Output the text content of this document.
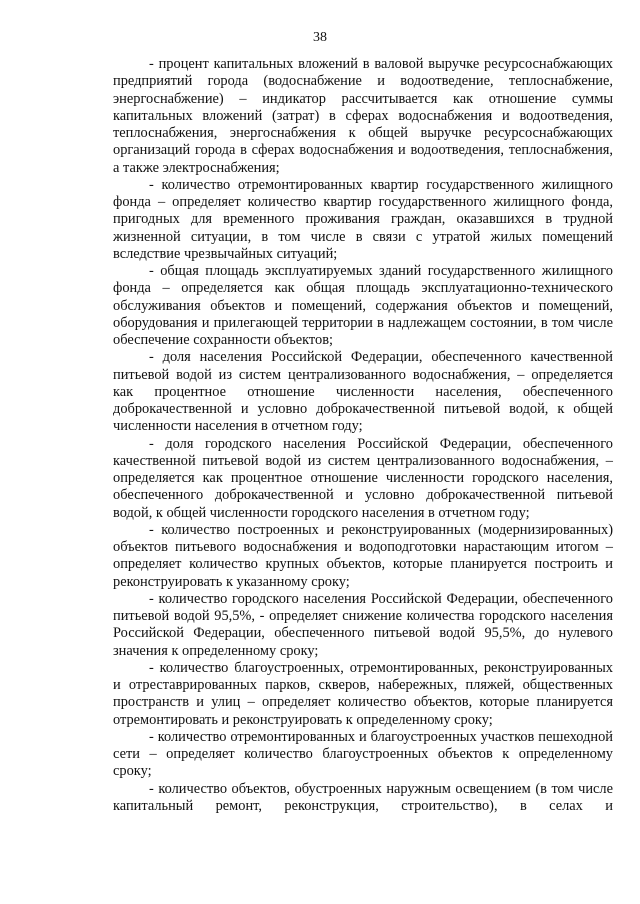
38

- процент капитальных вложений в валовой выручке ресурсоснабжающих предприятий города (водоснабжение и водоотведение, теплоснабжение, энергоснабжение) – индикатор рассчитывается как отношение суммы капитальных вложений (затрат) в сферах водоснабжения и водоотведения, теплоснабжения, энергоснабжения к общей выручке ресурсоснабжающих организаций города в сферах водоснабжения и водоотведения, теплоснабжения, а также электроснабжения;

- количество отремонтированных квартир государственного жилищного фонда – определяет количество квартир государственного жилищного фонда, пригодных для временного проживания граждан, оказавшихся в трудной жизненной ситуации, в том числе в связи с утратой жилых помещений вследствие чрезвычайных ситуаций;

- общая площадь эксплуатируемых зданий государственного жилищного фонда – определяется как общая площадь эксплуатационно-технического обслуживания объектов и помещений, содержания объектов и помещений, оборудования и прилегающей территории в надлежащем состоянии, в том числе обеспечение сохранности объектов;

- доля населения Российской Федерации, обеспеченного качественной питьевой водой из систем централизованного водоснабжения, – определяется как процентное отношение численности населения, обеспеченного доброкачественной и условно доброкачественной питьевой водой, к общей численности населения в отчетном году;

- доля городского населения Российской Федерации, обеспеченного качественной питьевой водой из систем централизованного водоснабжения, – определяется как процентное отношение численности городского населения, обеспеченного доброкачественной и условно доброкачественной питьевой водой, к общей численности городского населения в отчетном году;

- количество построенных и реконструированных (модернизированных) объектов питьевого водоснабжения и водоподготовки нарастающим итогом – определяет количество крупных объектов, которые планируется построить и реконструировать к указанному сроку;

- количество городского населения Российской Федерации, обеспеченного питьевой водой 95,5%, - определяет снижение количества городского населения Российской Федерации, обеспеченного питьевой водой 95,5%, до нулевого значения к определенному сроку;

- количество благоустроенных, отремонтированных, реконструированных и отреставрированных парков, скверов, набережных, пляжей, общественных пространств и улиц – определяет количество объектов, которые планируется отремонтировать и реконструировать к определенному сроку;

- количество отремонтированных и благоустроенных участков пешеходной сети – определяет количество благоустроенных объектов к определенному сроку;

- количество объектов, обустроенных наружным освещением (в том числе капитальный ремонт, реконструкция, строительство), в селах и
